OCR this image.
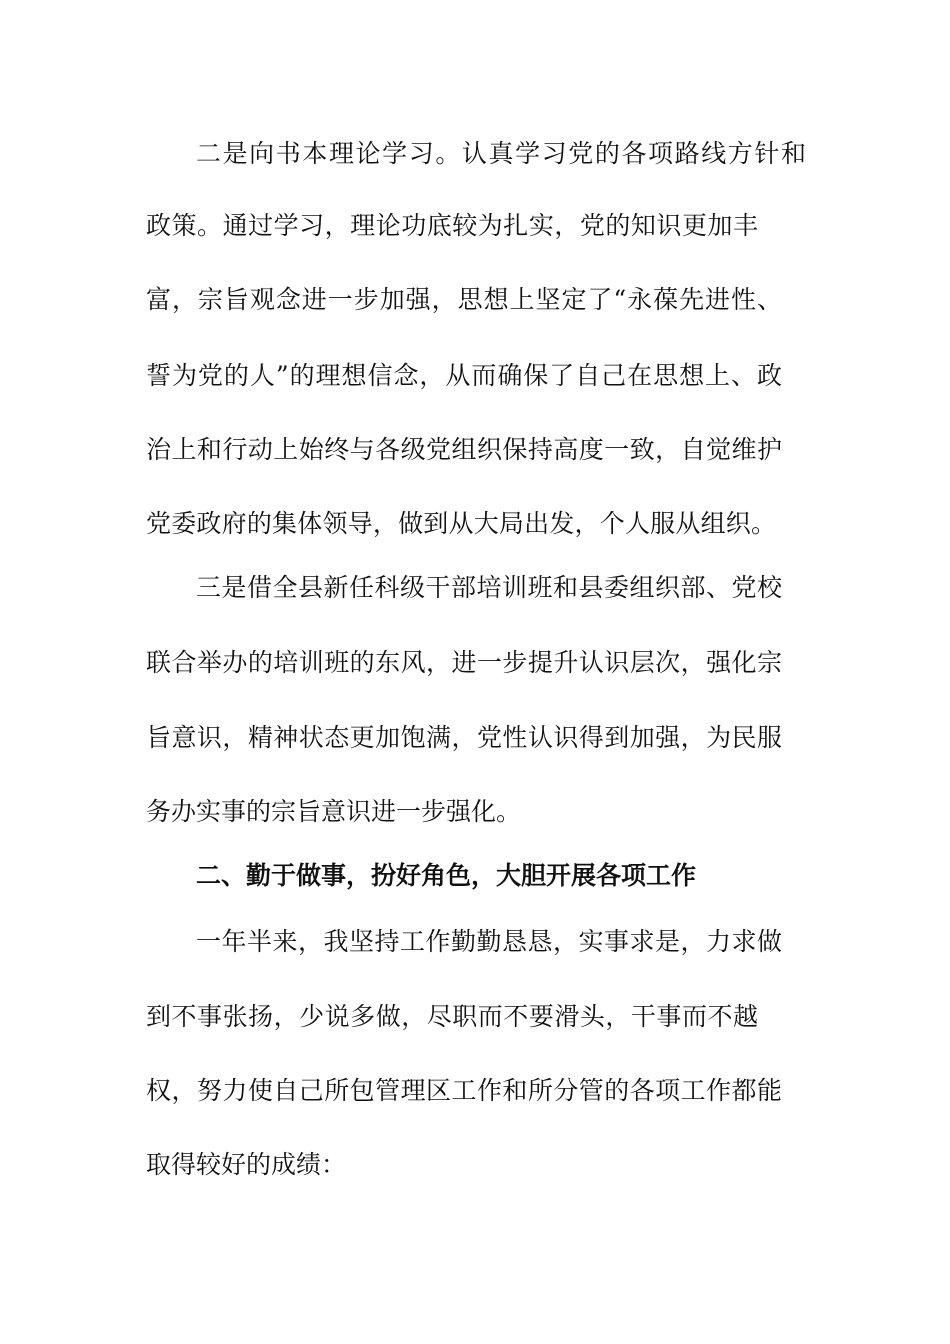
二是向书本理论学习。认真学习党的各项路线方针和
政策。通过学习，理论功底较为扎实，党的知识更加丰
富，宗旨观念进一步加强，思想上坚定了“永葆先进性、
誓为党的人”的理想信念，从而确保了自己在思想上、政
治上和行动上始终与各级党组织保持高度一致，自觉维护
党委政府的集体领导，做到从大局出发，个人服从组织。
三是借全县新任科级干部培训班和县委组织部、党校
联合举办的培训班的东风，进一步提升认识层次，强化宗
旨意识，精神状态更加饱满，党性认识得到加强，为民服
务办实事的宗旨意识进一步强化。
二、勤于做事，扮好角色，大胆开展各项工作
一年半来，我坚持工作勤勤恳恳，实事求是，力求做
到不事张扬，少说多做，尽职而不要滑头，干事而不越
权，努力使自己所包管理区工作和所分管的各项工作都能
取得较好的成绩：
